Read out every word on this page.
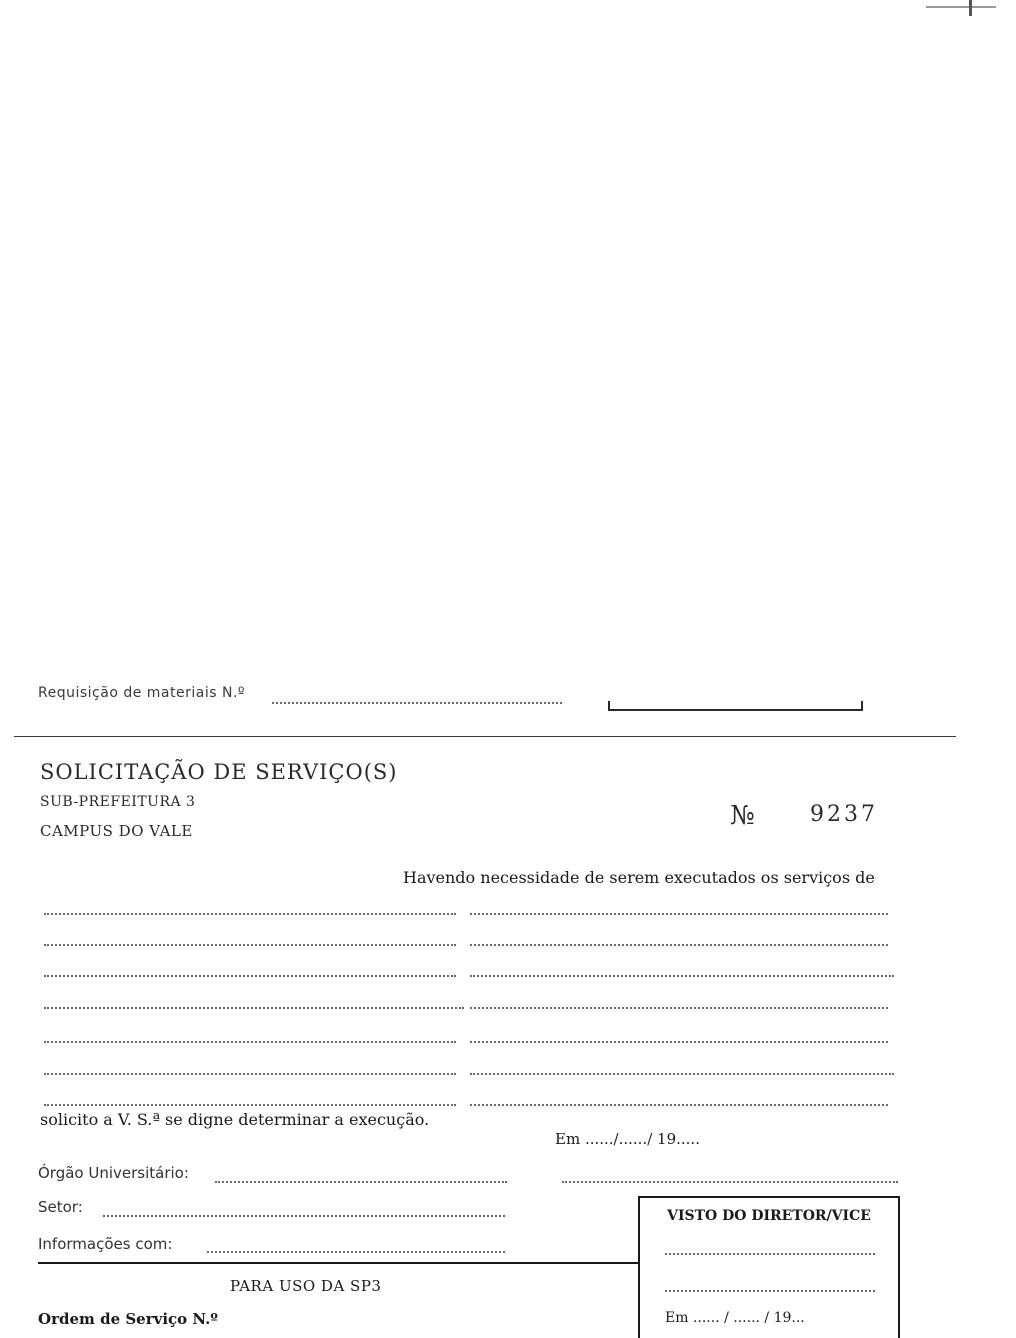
Requisição de materiais N.º
SOLICITAÇÃO DE SERVIÇO(S)
SUB-PREFEITURA 3
CAMPUS DO VALE	№	9237
Havendo necessidade de serem executados os serviços de
solicito a V. S.ª se digne determinar a execução.
Em ....../....../ 19.....
Órgão Universitário:
Setor:
Informações com:
VISTO DO DIRETOR/VICE
Em ...... / ...... / 19...
PARA USO DA SP3
Ordem de Serviço N.º
